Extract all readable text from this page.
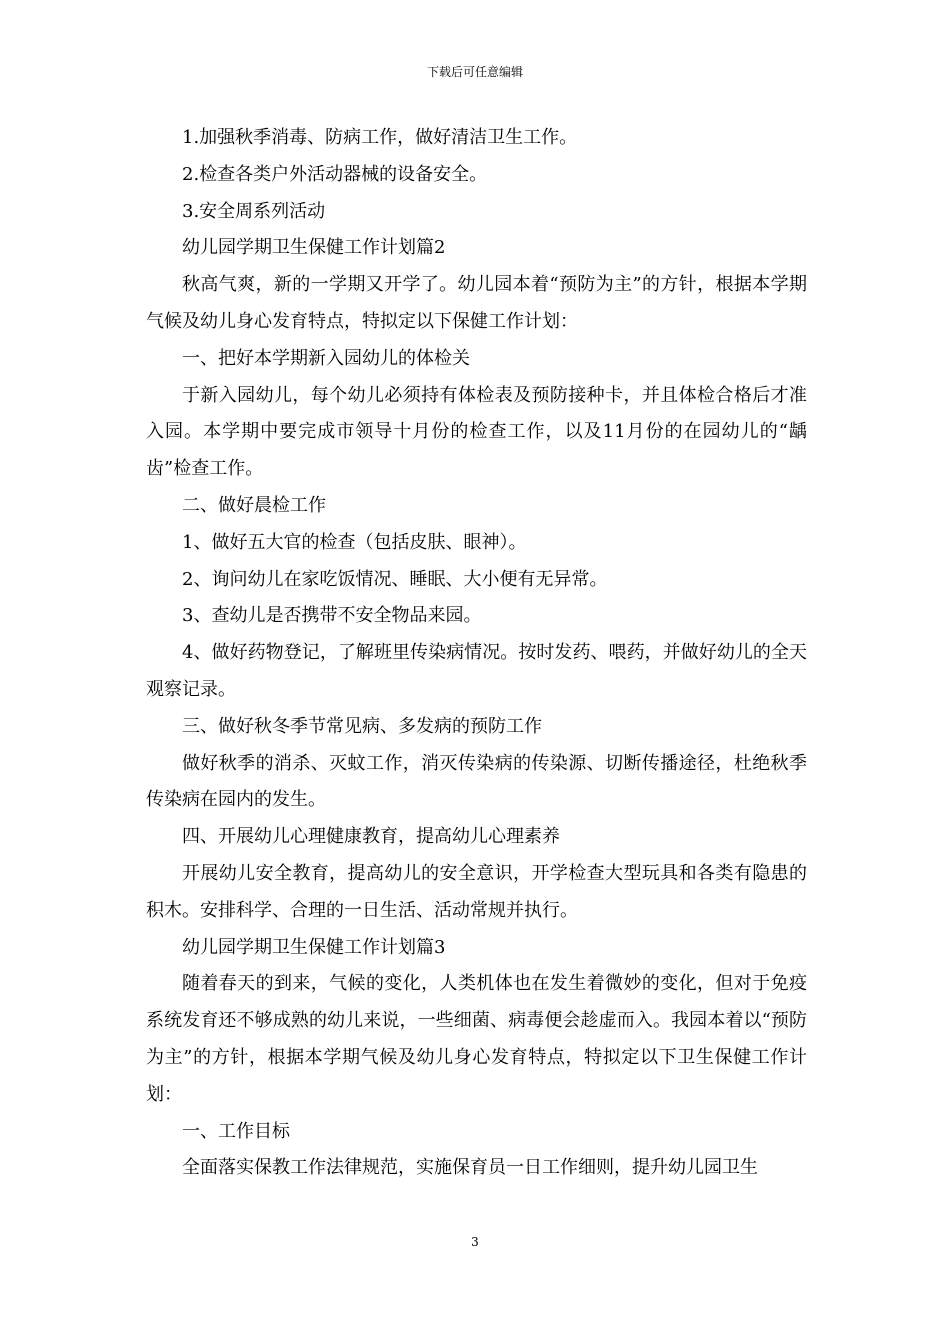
下载后可任意编辑

1.加强秋季消毒、防病工作，做好清洁卫生工作。

2.检查各类户外活动器械的设备安全。

3.安全周系列活动

幼儿园学期卫生保健工作计划篇2

秋高气爽，新的一学期又开学了。幼儿园本着“预防为主”的方针，根据本学期气候及幼儿身心发育特点，特拟定以下保健工作计划：

一、把好本学期新入园幼儿的体检关

于新入园幼儿，每个幼儿必须持有体检表及预防接种卡，并且体检合格后才准入园。本学期中要完成市领导十月份的检查工作，以及11月份的在园幼儿的“龋齿”检查工作。

二、做好晨检工作

1、做好五大官的检查（包括皮肤、眼神）。

2、询问幼儿在家吃饭情况、睡眠、大小便有无异常。

3、查幼儿是否携带不安全物品来园。

4、做好药物登记，了解班里传染病情况。按时发药、喂药，并做好幼儿的全天观察记录。

三、做好秋冬季节常见病、多发病的预防工作

做好秋季的消杀、灭蚊工作，消灭传染病的传染源、切断传播途径，杜绝秋季传染病在园内的发生。

四、开展幼儿心理健康教育，提高幼儿心理素养

开展幼儿安全教育，提高幼儿的安全意识，开学检查大型玩具和各类有隐患的积木。安排科学、合理的一日生活、活动常规并执行。

幼儿园学期卫生保健工作计划篇3

随着春天的到来，气候的变化，人类机体也在发生着微妙的变化，但对于免疫系统发育还不够成熟的幼儿来说，一些细菌、病毒便会趁虚而入。我园本着以“预防为主”的方针，根据本学期气候及幼儿身心发育特点，特拟定以下卫生保健工作计划：

一、工作目标

全面落实保教工作法律规范，实施保育员一日工作细则，提升幼儿园卫生

3
